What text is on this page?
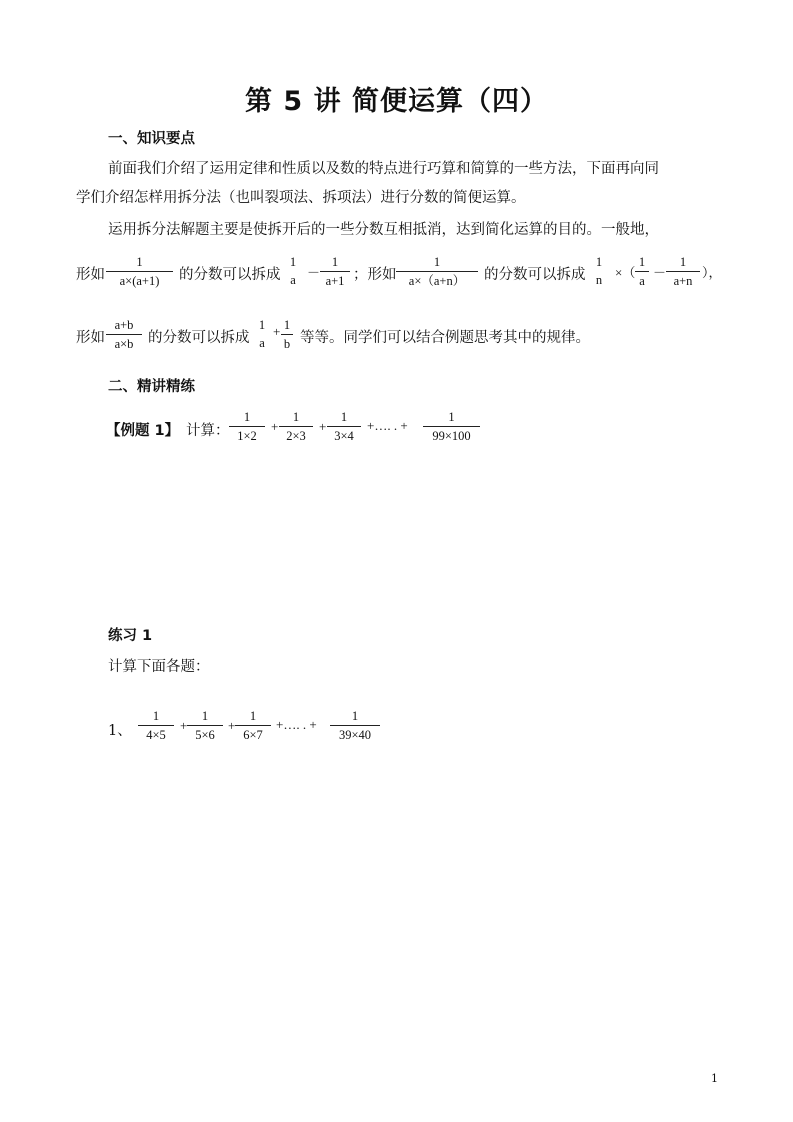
第 5 讲 简便运算（四）
一、知识要点
前面我们介绍了运用定律和性质以及数的特点进行巧算和简算的一些方法，下面再向同
学们介绍怎样用拆分法（也叫裂项法、拆项法）进行分数的简便运算。
运用拆分法解题主要是使拆开后的一些分数互相抵消，达到简化运算的目的。一般地，
形如 $\frac{1}{a\times(a+1)}$ 的分数可以拆成
1
$a - \frac{1}{a+1}$ ；形如 $\frac{1}{a\times(a+n)}$ 的分数可以拆成
1
n ×（ $\frac{1}{a} - \frac{1}{a+n}$ ），
形如 $\frac{a+b}{a\times b}$ 的分数可以拆成
1
a
+ $\frac{1}{b}$ 等等。同学们可以结合例题思考其中的规律。
二、精讲精练
【例题 1】 计算： $\frac{1}{1\times 2} + \frac{1}{2\times 3} + \frac{1}{3\times 4}$ +…. . + $\frac{1}{99\times 100}$
练习 1
计算下面各题：
1、 $\frac{1}{4\times 5} + \frac{1}{5\times 6} + \frac{1}{6\times 7}$ +…. . + $\frac{1}{39\times 40}$
1
